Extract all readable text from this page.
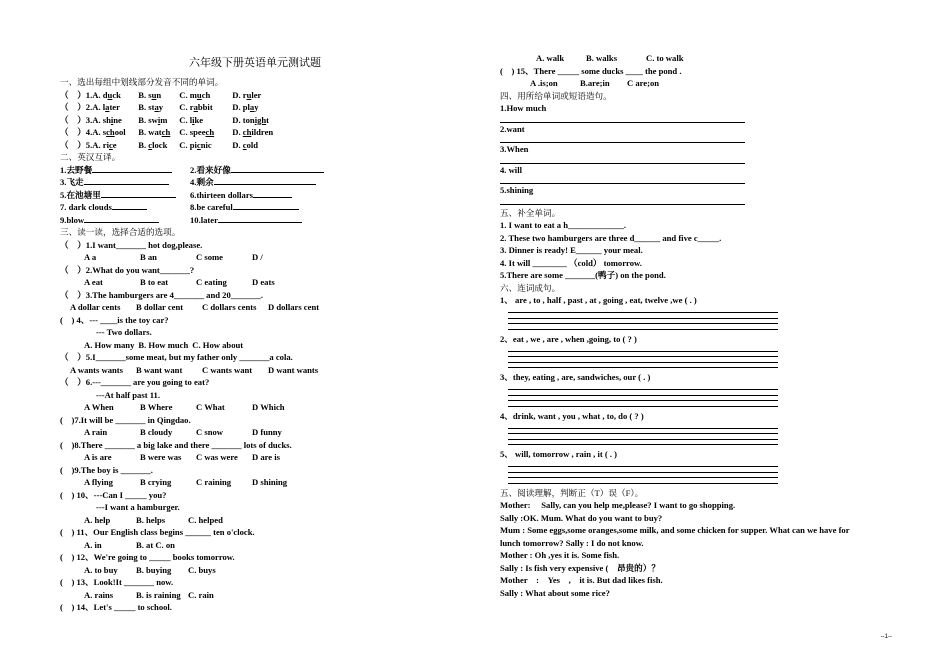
六年级下册英语单元测试题
一、选出每组中划线部分发音不同的单词。
（　）1.A. duck B. sun C. much	D. ruler
（　）2.A. later B. stay C. rabbit D. play
（　）3.A. shine B. swim C. like	D. tonight
（　）4.A. school B. watch C. speech D. children
（　）5.A. rice	B. clock C. picnic D. cold
二、英汉互译。
1.去野餐	2.看来好像
3.飞走	4.剩余
5.在池塘里	6.thirteen dollars
7. dark clouds	8.be careful
9.blow	10.later
三、读一读，选择合适的选项。
（　）1.I want_______ hot dog,please.
A a	B an	C some	D /
（　）2.What do you want_______?
A eat	B to eat	C eating	D eats
（　）3.The hamburgers are 4_______ and 20_______.
A dollar cents B dollar cent C dollars cents D dollars cent
(　) 4、--- ____is the toy car?
--- Two dollars.
A. How many B. How much C. How about
（　）5.I_______some meat, but my father only _______a cola.
A wants wants B want want C wants want D want wants
（　）6.---_______ are you going to eat?
---At half past 11.
A When	B Where	C What	D Which
(　)7.It will be _______ in Qingdao.
A rain	B cloudy	C snow	D funny
(　)8.There _______ a big lake and there _______ lots of ducks.
A is are	B were was C was were D are is
(　)9.The boy is _______.
A flying	B crying	C raining D shining
(　) 10、---Can I _____ you?
---I want a hamburger.
A. help	B. helps	C. helped
(　) 11、Our English class begins ______ ten o'clock.
A. in	B. at C. on
(　) 12、We're going to _____ books tomorrow.
A. to buy B. buying C. buys
(　) 13、Look!It _______ now.
A. rains	B. is raining C. rain
(　) 14、Let's _____ to school.
A. walk	B. walks	C. to walk
(　) 15、There _____ some ducks ____ the pond .
A .is;on	B.are;in C are;on
四、用所给单词或短语造句。
1.How much
2.want
3.When
4. will
5.shining
五、补全单词。
1. I want to eat a h_____________.
2. These two hamburgers are three d______ and five c_____.
3. Dinner is ready! E______ your meal.
4. It will ________ （cold） tomorrow.
5.There are some _______(鸭子) on the pond.
六、连词成句。
1、 are , to , half , past , at , going , eat, twelve ,we ( . )
2、eat , we , are , when ,going, to ( ? )
3、they, eating , are, sandwiches, our ( . )
4、drink, want , you , what , to, do ( ? )
5、 will, tomorrow , rain , it ( . )
五、阅读理解，判断正（T）误（F）。
Mother:　 Sally, can you help me,please? I want to go shopping.
Sally :OK. Mum. What do you want to buy?
Mum : Some eggs,some oranges,some milk, and some chicken for supper. What can we have for
lunch tomorrow? Sally : I do not know.
Mother : Oh ,yes it is. Some fish.
Sally : Is fish very expensive (　昂贵的）？
Mother　:　Yes　,　it is. But dad likes fish.
Sally : What about some rice?
--1--
